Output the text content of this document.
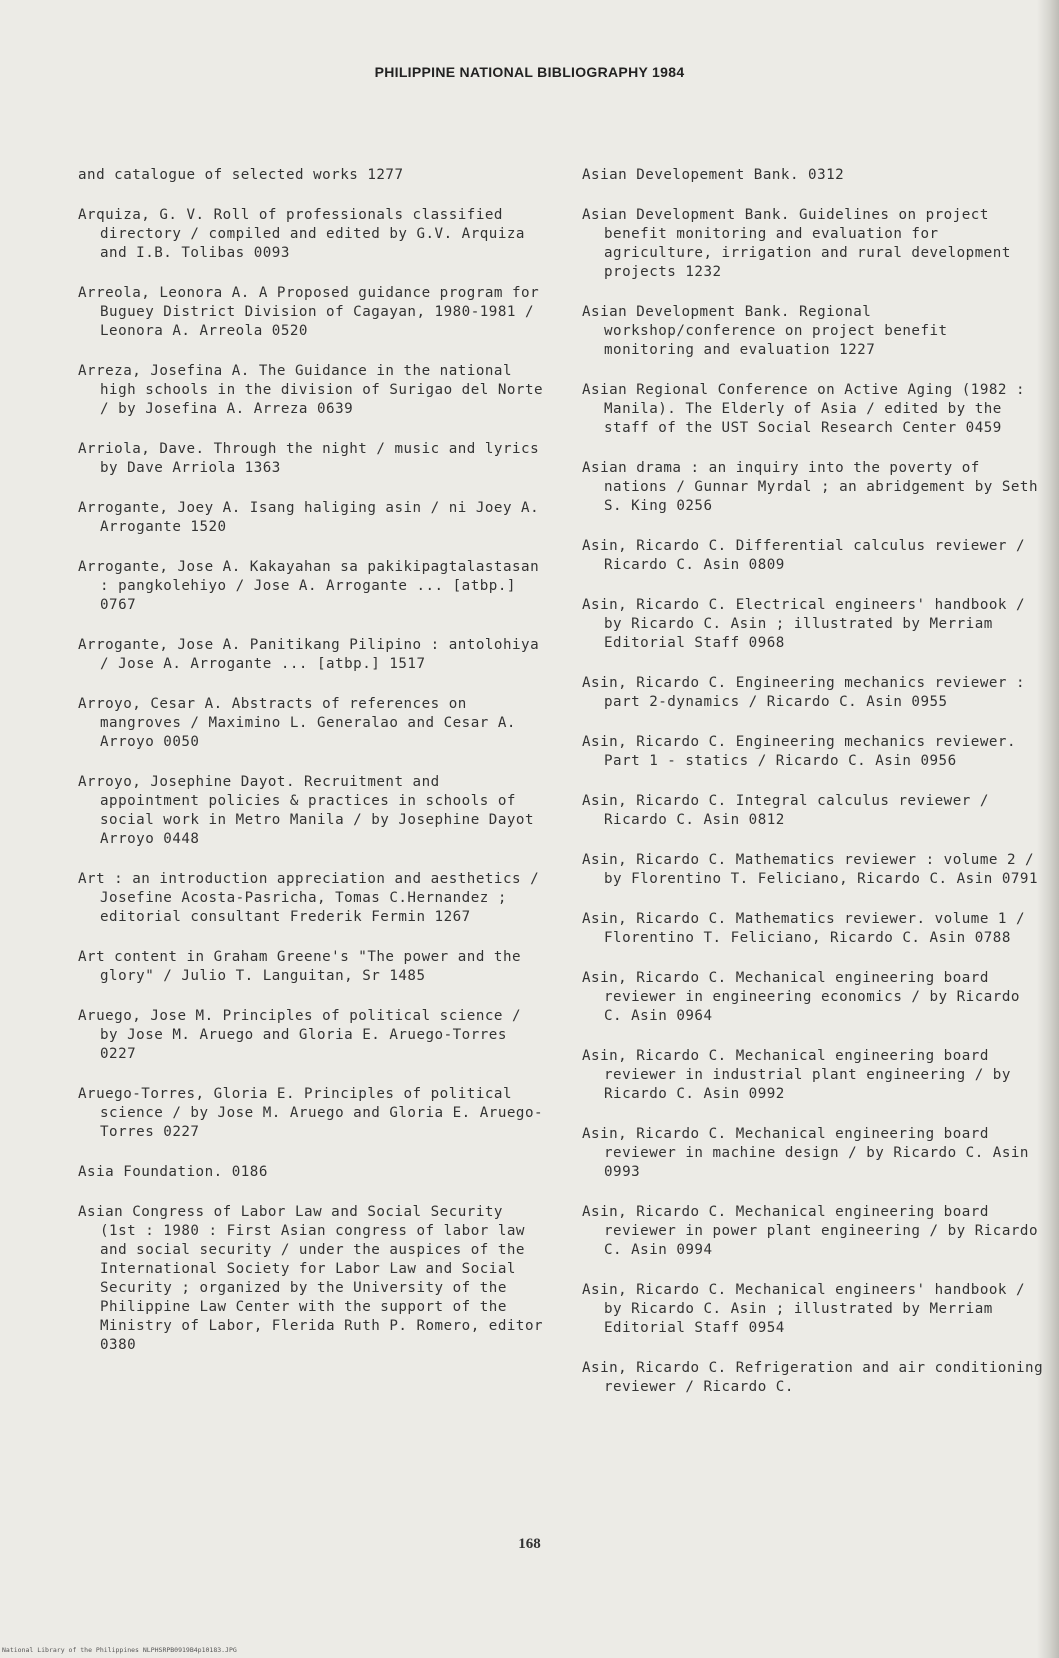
PHILIPPINE NATIONAL BIBLIOGRAPHY 1984

and catalogue of selected works 1277

Arquiza, G. V. Roll of professionals classified directory / compiled and edited by G.V. Arquiza and I.B. Tolibas 0093

Arreola, Leonora A. A Proposed guidance program for Buguey District Division of Cagayan, 1980-1981 / Leonora A. Arreola 0520

Arreza, Josefina A. The Guidance in the national high schools in the division of Surigao del Norte / by Josefina A. Arreza 0639

Arriola, Dave. Through the night / music and lyrics by Dave Arriola 1363

Arrogante, Joey A. Isang haliging asin / ni Joey A. Arrogante 1520

Arrogante, Jose A. Kakayahan sa pakikipagtalastasan : pangkolehiyo / Jose A. Arrogante ... [atbp.] 0767

Arrogante, Jose A. Panitikang Pilipino : antolohiya / Jose A. Arrogante ... [atbp.] 1517

Arroyo, Cesar A. Abstracts of references on mangroves / Maximino L. Generalao and Cesar A. Arroyo 0050

Arroyo, Josephine Dayot. Recruitment and appointment policies & practices in schools of social work in Metro Manila / by Josephine Dayot Arroyo 0448

Art : an introduction appreciation and aesthetics / Josefine Acosta-Pasricha, Tomas C.Hernandez ; editorial consultant Frederik Fermin 1267

Art content in Graham Greene's "The power and the glory" / Julio T. Languitan, Sr 1485

Aruego, Jose M. Principles of political science / by Jose M. Aruego and Gloria E. Aruego-Torres 0227

Aruego-Torres, Gloria E. Principles of political science / by Jose M. Aruego and Gloria E. Aruego-Torres 0227

Asia Foundation. 0186

Asian Congress of Labor Law and Social Security (1st : 1980 : First Asian congress of labor law and social security / under the auspices of the International Society for Labor Law and Social Security ; organized by the University of the Philippine Law Center with the support of the Ministry of Labor, Flerida Ruth P. Romero, editor 0380

Asian Developement Bank. 0312

Asian Development Bank. Guidelines on project benefit monitoring and evaluation for agriculture, irrigation and rural development projects 1232

Asian Development Bank. Regional workshop/conference on project benefit monitoring and evaluation 1227

Asian Regional Conference on Active Aging (1982 : Manila). The Elderly of Asia / edited by the staff of the UST Social Research Center 0459

Asian drama : an inquiry into the poverty of nations / Gunnar Myrdal ; an abridgement by Seth S. King 0256

Asin, Ricardo C. Differential calculus reviewer / Ricardo C. Asin 0809

Asin, Ricardo C. Electrical engineers' handbook / by Ricardo C. Asin ; illustrated by Merriam Editorial Staff 0968

Asin, Ricardo C. Engineering mechanics reviewer : part 2-dynamics / Ricardo C. Asin 0955

Asin, Ricardo C. Engineering mechanics reviewer. Part 1 - statics / Ricardo C. Asin 0956

Asin, Ricardo C. Integral calculus reviewer / Ricardo C. Asin 0812

Asin, Ricardo C. Mathematics reviewer : volume 2 / by Florentino T. Feliciano, Ricardo C. Asin 0791

Asin, Ricardo C. Mathematics reviewer. volume 1 / Florentino T. Feliciano, Ricardo C. Asin 0788

Asin, Ricardo C. Mechanical engineering board reviewer in engineering economics / by Ricardo C. Asin 0964

Asin, Ricardo C. Mechanical engineering board reviewer in industrial plant engineering / by Ricardo C. Asin 0992

Asin, Ricardo C. Mechanical engineering board reviewer in machine design / by Ricardo C. Asin 0993

Asin, Ricardo C. Mechanical engineering board reviewer in power plant engineering / by Ricardo C. Asin 0994

Asin, Ricardo C. Mechanical engineers' handbook / by Ricardo C. Asin ; illustrated by Merriam Editorial Staff 0954

Asin, Ricardo C. Refrigeration and air conditioning reviewer / Ricardo C.

168
National Library of the Philippines NLPHSRPB0919B4p10183.JPG
